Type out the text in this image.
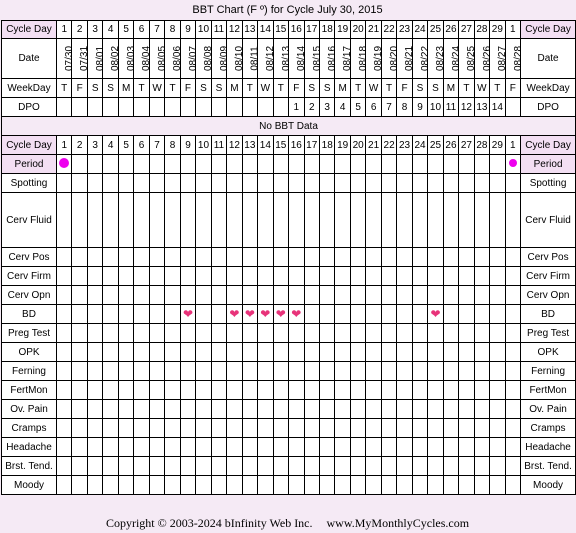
BBT Chart (F º) for Cycle July 30, 2015
Cycle Day	1	2	3	4	5	6	7	8	9	10	11	12	13	14	15	16	17	18	19	20	21	22	23	24	25	26	27	28	29	1	Cycle Day
Date	07/30	07/31	08/01	08/02	08/03	08/04	08/05	08/06	08/07	08/08	08/09	08/10	08/11	08/12	08/13	08/14	08/15	08/16	08/17	08/18	08/19	08/20	08/21	08/22	08/23	08/24	08/25	08/26	08/27	08/28	Date
WeekDay	T	F	S	S	M	T	W	T	F	S	S	M	T	W	T	F	S	S	M	T	W	T	F	S	S	M	T	W	T	F	WeekDay
DPO																1	2	3	4	5	6	7	8	9	10	11	12	13	14		DPO
No BBT Data																															
Cycle Day	1	2	3	4	5	6	7	8	9	10	11	12	13	14	15	16	17	18	19	20	21	22	23	24	25	26	27	28	29	1	Cycle Day
Period																															Period
Spotting																															Spotting
Cerv Fluid																															Cerv Fluid
Cerv Pos																															Cerv Pos
Cerv Firm																															Cerv Firm
Cerv Opn																															Cerv Opn
BD									❤			❤	❤	❤	❤	❤									❤						BD
Preg Test																															Preg Test
OPK																															OPK
Ferning																															Ferning
FertMon																															FertMon
Ov. Pain																															Ov. Pain
Cramps																															Cramps
Headache																															Headache
Brst. Tend.																															Brst. Tend.
Moody																															Moody
Copyright © 2003-2024 bInfinity Web Inc. www.MyMonthlyCycles.com
